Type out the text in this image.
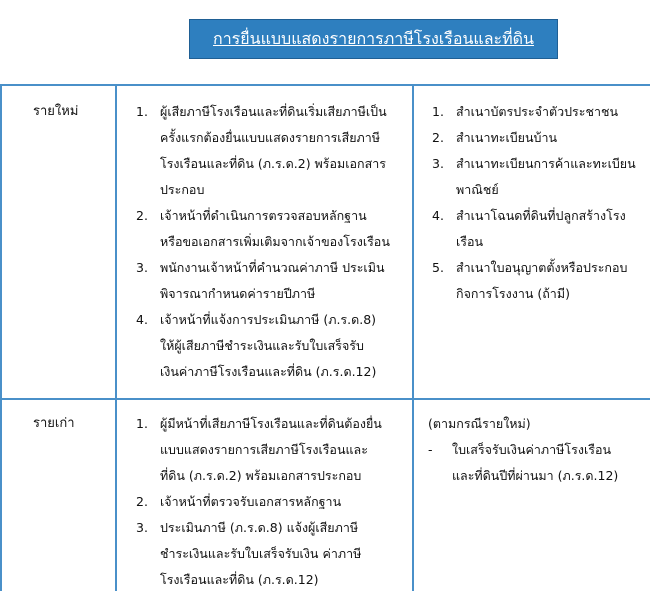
การยื่นแบบแสดงรายการภาษีโรงเรือนและที่ดิน
รายใหม่	1. ผู้เสียภาษีโรงเรือนและที่ดินเริ่มเสียภาษีเป็น
ครั้งแรกต้องยื่นแบบแสดงรายการเสียภาษี
โรงเรือนและที่ดิน (ภ.ร.ด.2) พร้อมเอกสาร
ประกอบ
2. เจ้าหน้าที่ดำเนินการตรวจสอบหลักฐาน
หรือขอเอกสารเพิ่มเติมจากเจ้าของโรงเรือน
3. พนักงานเจ้าหน้าที่คำนวณค่าภาษี ประเมิน
พิจารณากำหนดค่ารายปีภาษี
4. เจ้าหน้าที่แจ้งการประเมินภาษี (ภ.ร.ด.8)
ให้ผู้เสียภาษีชำระเงินและรับใบเสร็จรับ
เงินค่าภาษีโรงเรือนและที่ดิน (ภ.ร.ด.12)
1. สำเนาบัตรประจำตัวประชาชน
2. สำเนาทะเบียนบ้าน
3. สำเนาทะเบียนการค้าและทะเบียน
พาณิชย์
4. สำเนาโฉนดที่ดินที่ปลูกสร้างโรง
เรือน
5. สำเนาใบอนุญาตตั้งหรือประกอบ
กิจการโรงงาน (ถ้ามี)
รายเก่า	1. ผู้มีหน้าที่เสียภาษีโรงเรือนและที่ดินต้องยื่น
แบบแสดงรายการเสียภาษีโรงเรือนและ
ที่ดิน (ภ.ร.ด.2) พร้อมเอกสารประกอบ
2. เจ้าหน้าที่ตรวจรับเอกสารหลักฐาน
3. ประเมินภาษี (ภ.ร.ด.8) แจ้งผู้เสียภาษี
ชำระเงินและรับใบเสร็จรับเงิน ค่าภาษี
โรงเรือนและที่ดิน (ภ.ร.ด.12)
(ตามกรณีรายใหม่)
- ใบเสร็จรับเงินค่าภาษีโรงเรือน
และที่ดินปีที่ผ่านมา (ภ.ร.ด.12)
